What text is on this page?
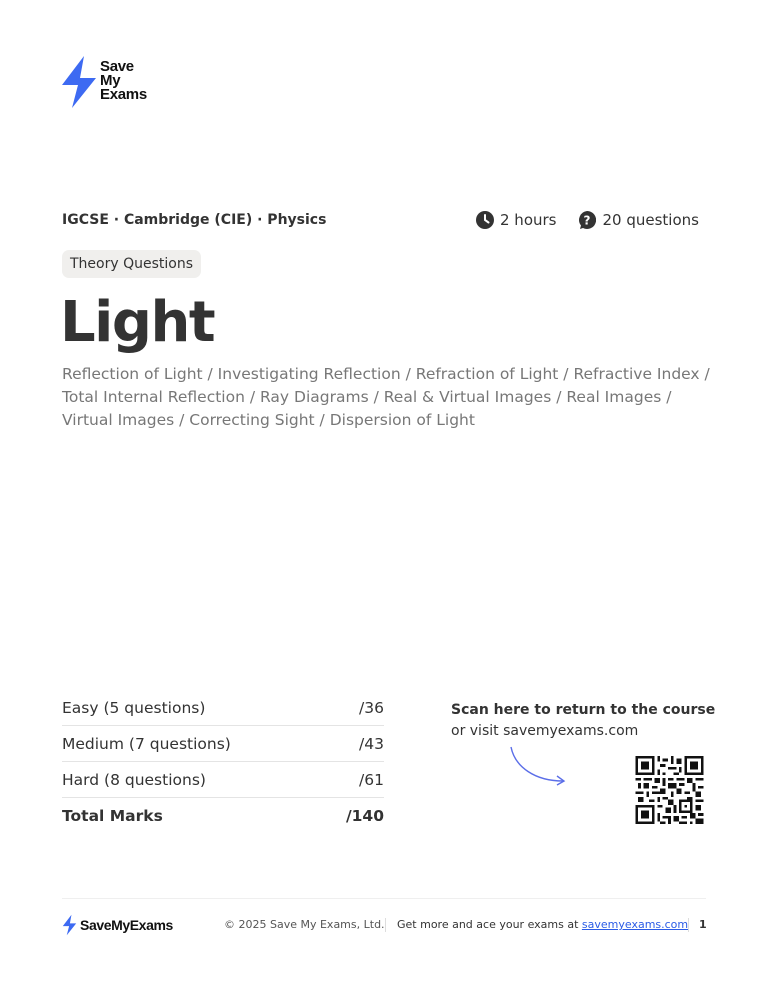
Save
My
Exams
IGCSE · Cambridge (CIE) · Physics	2 hours ? 20 questions
Theory Questions
Light
Reflection of Light / Investigating Reflection / Refraction of Light / Refractive Index /
Total Internal Reflection / Ray Diagrams / Real & Virtual Images / Real Images /
Virtual Images / Correcting Sight / Dispersion of Light
Easy (5 questions)	/36
Medium (7 questions)	/43
Hard (8 questions)	/61
Total Marks	/140
Scan here to return to the course
or visit savemyexams.com
SaveMyExams	© 2025 Save My Exams, Ltd. Get more and ace your exams at savemyexams.com 1
